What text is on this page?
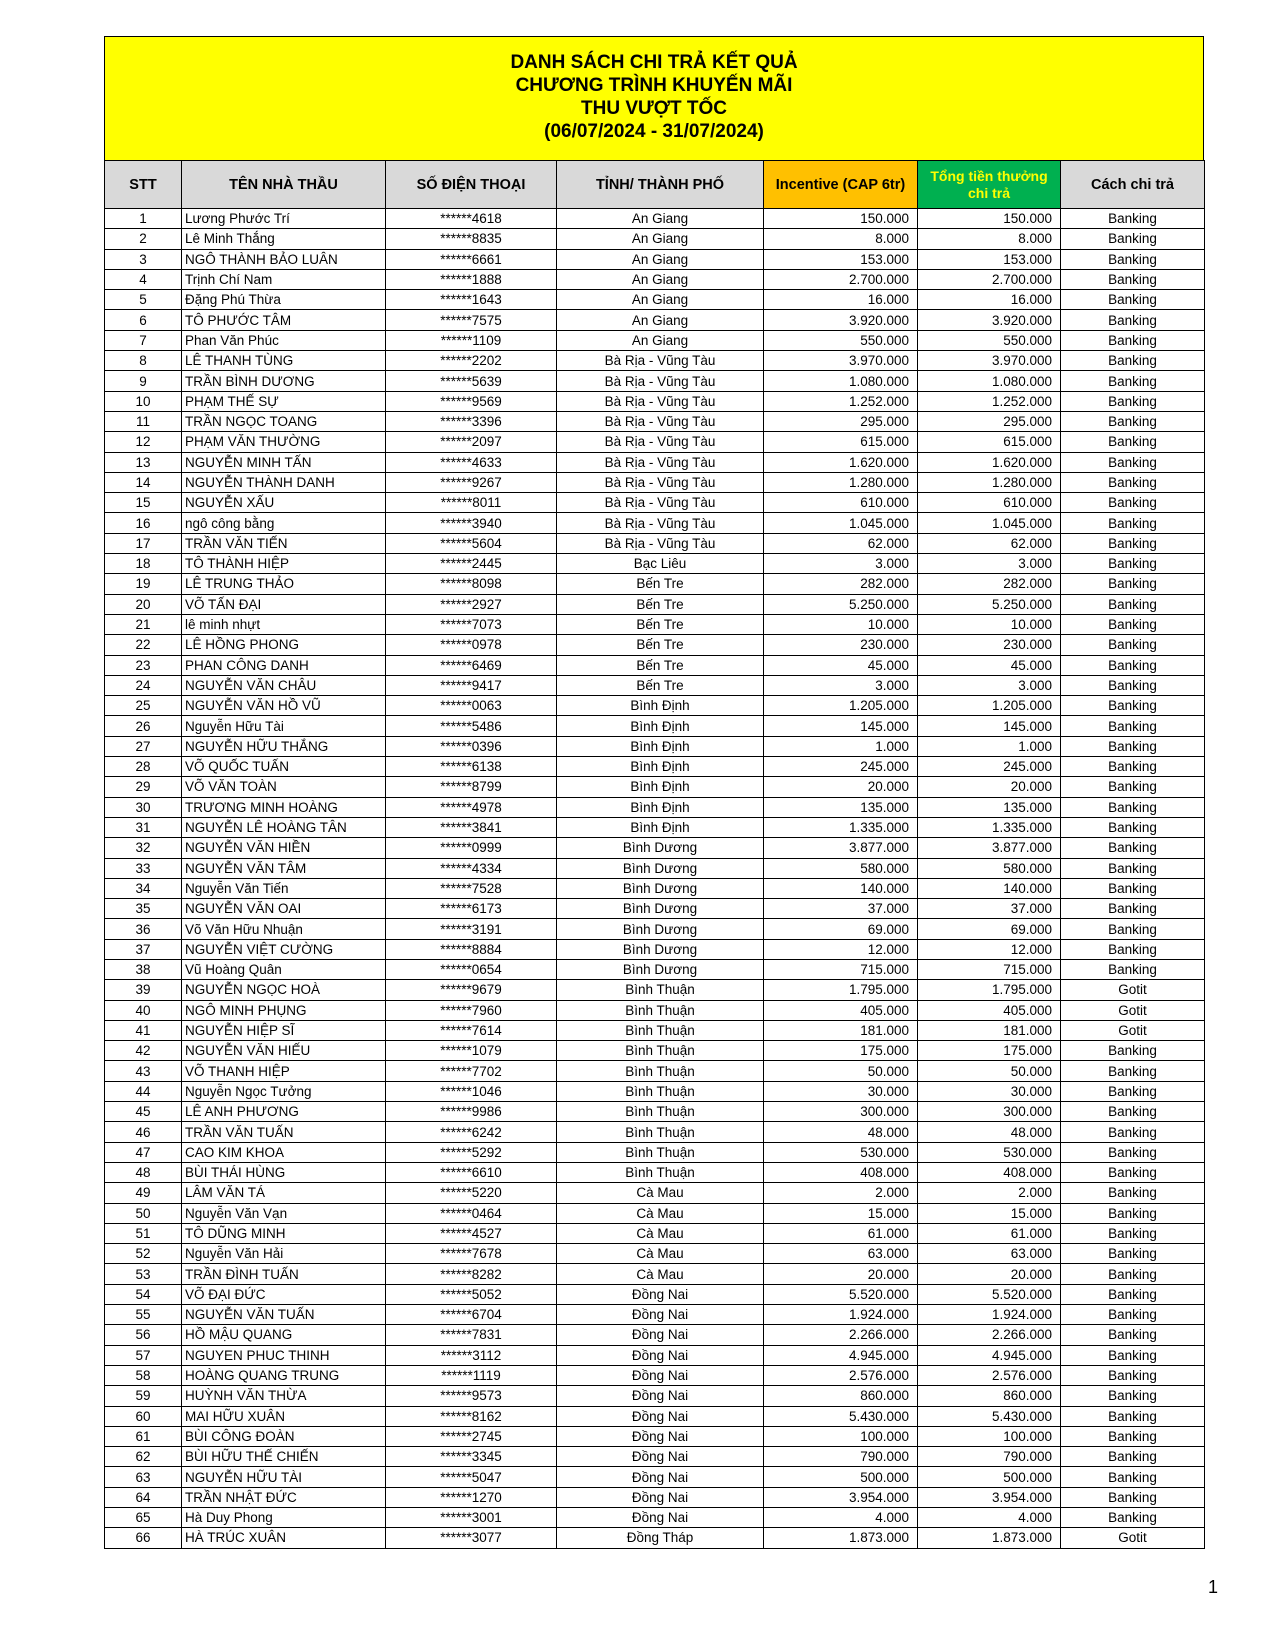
DANH SÁCH CHI TRẢ KẾT QUẢ
CHƯƠNG TRÌNH KHUYẾN MÃI
THU VƯỢT TỐC
(06/07/2024 - 31/07/2024)
STT	TÊN NHÀ THẦU	SỐ ĐIỆN THOẠI	TỈNH/ THÀNH PHỐ	Incentive (CAP 6tr)	Tổng tiền thưởng chi trả	Cách chi trả
1	Lương Phước Trí	******4618	An Giang	150.000	150.000	Banking
2	Lê Minh Thắng	******8835	An Giang	8.000	8.000	Banking
3	NGÔ THÀNH BẢO LUÂN	******6661	An Giang	153.000	153.000	Banking
4	Trịnh Chí Nam	******1888	An Giang	2.700.000	2.700.000	Banking
5	Đặng Phú Thừa	******1643	An Giang	16.000	16.000	Banking
6	TÔ PHƯỚC TÂM	******7575	An Giang	3.920.000	3.920.000	Banking
7	Phan Văn Phúc	******1109	An Giang	550.000	550.000	Banking
8	LÊ THANH TÙNG	******2202	Bà Rịa - Vũng Tàu	3.970.000	3.970.000	Banking
9	TRẦN BÌNH DƯƠNG	******5639	Bà Rịa - Vũng Tàu	1.080.000	1.080.000	Banking
10	PHẠM THẾ SỰ	******9569	Bà Rịa - Vũng Tàu	1.252.000	1.252.000	Banking
11	TRẦN NGỌC TOANG	******3396	Bà Rịa - Vũng Tàu	295.000	295.000	Banking
12	PHẠM VĂN THƯỜNG	******2097	Bà Rịa - Vũng Tàu	615.000	615.000	Banking
13	NGUYỄN MINH TẤN	******4633	Bà Rịa - Vũng Tàu	1.620.000	1.620.000	Banking
14	NGUYỄN THÀNH DANH	******9267	Bà Rịa - Vũng Tàu	1.280.000	1.280.000	Banking
15	NGUYỄN XẤU	******8011	Bà Rịa - Vũng Tàu	610.000	610.000	Banking
16	ngô công bằng	******3940	Bà Rịa - Vũng Tàu	1.045.000	1.045.000	Banking
17	TRẦN VĂN TIẾN	******5604	Bà Rịa - Vũng Tàu	62.000	62.000	Banking
18	TÔ THÀNH HIỆP	******2445	Bạc Liêu	3.000	3.000	Banking
19	LÊ TRUNG THẢO	******8098	Bến Tre	282.000	282.000	Banking
20	VÕ TẤN ĐẠI	******2927	Bến Tre	5.250.000	5.250.000	Banking
21	lê minh nhựt	******7073	Bến Tre	10.000	10.000	Banking
22	LÊ HỒNG PHONG	******0978	Bến Tre	230.000	230.000	Banking
23	PHAN CÔNG DANH	******6469	Bến Tre	45.000	45.000	Banking
24	NGUYỄN VĂN CHÂU	******9417	Bến Tre	3.000	3.000	Banking
25	NGUYỄN VĂN HỒ VŨ	******0063	Bình Định	1.205.000	1.205.000	Banking
26	Nguyễn Hữu Tài	******5486	Bình Định	145.000	145.000	Banking
27	NGUYỄN HỮU THẮNG	******0396	Bình Định	1.000	1.000	Banking
28	VÕ QUỐC TUẤN	******6138	Bình Định	245.000	245.000	Banking
29	VÕ VĂN TOÀN	******8799	Bình Định	20.000	20.000	Banking
30	TRƯƠNG MINH HOÀNG	******4978	Bình Định	135.000	135.000	Banking
31	NGUYỄN LÊ HOÀNG TÂN	******3841	Bình Định	1.335.000	1.335.000	Banking
32	NGUYỄN VĂN HIỀN	******0999	Bình Dương	3.877.000	3.877.000	Banking
33	NGUYỄN VĂN TÂM	******4334	Bình Dương	580.000	580.000	Banking
34	Nguyễn Văn Tiến	******7528	Bình Dương	140.000	140.000	Banking
35	NGUYỄN VĂN OAI	******6173	Bình Dương	37.000	37.000	Banking
36	Võ Văn Hữu Nhuận	******3191	Bình Dương	69.000	69.000	Banking
37	NGUYỄN VIỆT CƯỜNG	******8884	Bình Dương	12.000	12.000	Banking
38	Vũ Hoàng Quân	******0654	Bình Dương	715.000	715.000	Banking
39	NGUYỄN NGỌC HOÀ	******9679	Bình Thuận	1.795.000	1.795.000	Gotit
40	NGÔ MINH PHỤNG	******7960	Bình Thuận	405.000	405.000	Gotit
41	NGUYỄN HIỆP SĨ	******7614	Bình Thuận	181.000	181.000	Gotit
42	NGUYỄN VĂN HIẾU	******1079	Bình Thuận	175.000	175.000	Banking
43	VÕ THANH HIỆP	******7702	Bình Thuận	50.000	50.000	Banking
44	Nguyễn Ngọc Tưởng	******1046	Bình Thuận	30.000	30.000	Banking
45	LÊ ANH PHƯƠNG	******9986	Bình Thuận	300.000	300.000	Banking
46	TRẦN VĂN TUẤN	******6242	Bình Thuận	48.000	48.000	Banking
47	CAO KIM KHOA	******5292	Bình Thuận	530.000	530.000	Banking
48	BÙI THÁI HÙNG	******6610	Bình Thuận	408.000	408.000	Banking
49	LÂM VĂN TÁ	******5220	Cà Mau	2.000	2.000	Banking
50	Nguyễn Văn Vạn	******0464	Cà Mau	15.000	15.000	Banking
51	TÔ DŨNG MINH	******4527	Cà Mau	61.000	61.000	Banking
52	Nguyễn Văn Hải	******7678	Cà Mau	63.000	63.000	Banking
53	TRẦN ĐÌNH TUẤN	******8282	Cà Mau	20.000	20.000	Banking
54	VÕ ĐẠI ĐỨC	******5052	Đồng Nai	5.520.000	5.520.000	Banking
55	NGUYỄN VĂN TUẤN	******6704	Đồng Nai	1.924.000	1.924.000	Banking
56	HỒ MẬU QUANG	******7831	Đồng Nai	2.266.000	2.266.000	Banking
57	NGUYEN PHUC THINH	******3112	Đồng Nai	4.945.000	4.945.000	Banking
58	HOÀNG QUANG TRUNG	******1119	Đồng Nai	2.576.000	2.576.000	Banking
59	HUỲNH VĂN THỪA	******9573	Đồng Nai	860.000	860.000	Banking
60	MAI HỮU XUÂN	******8162	Đồng Nai	5.430.000	5.430.000	Banking
61	BÙI CÔNG ĐOÀN	******2745	Đồng Nai	100.000	100.000	Banking
62	BÙI HỮU THẾ CHIẾN	******3345	Đồng Nai	790.000	790.000	Banking
63	NGUYỄN HỮU TÀI	******5047	Đồng Nai	500.000	500.000	Banking
64	TRẦN NHẬT ĐỨC	******1270	Đồng Nai	3.954.000	3.954.000	Banking
65	Hà Duy Phong	******3001	Đồng Nai	4.000	4.000	Banking
66	HÀ TRÚC XUÂN	******3077	Đồng Tháp	1.873.000	1.873.000	Gotit
1
